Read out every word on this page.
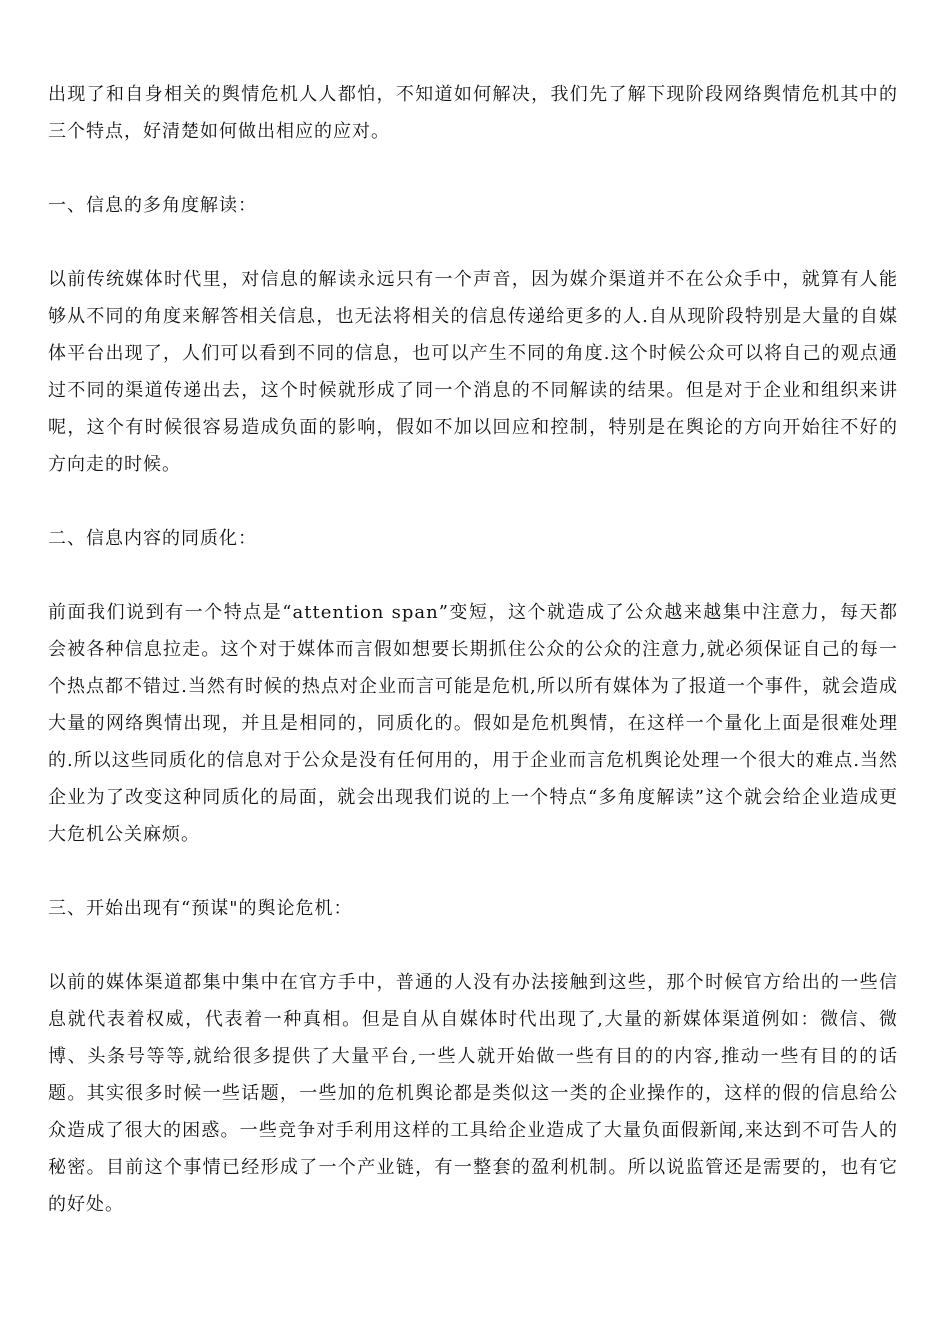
出现了和自身相关的舆情危机人人都怕，不知道如何解决，我们先了解下现阶段网络舆情危机其中的三个特点，好清楚如何做出相应的应对。

一、信息的多角度解读：

以前传统媒体时代里，对信息的解读永远只有一个声音，因为媒介渠道并不在公众手中，就算有人能够从不同的角度来解答相关信息，也无法将相关的信息传递给更多的人.自从现阶段特别是大量的自媒体平台出现了，人们可以看到不同的信息，也可以产生不同的角度.这个时候公众可以将自己的观点通过不同的渠道传递出去，这个时候就形成了同一个消息的不同解读的结果。但是对于企业和组织来讲呢，这个有时候很容易造成负面的影响，假如不加以回应和控制，特别是在舆论的方向开始往不好的方向走的时候。

二、信息内容的同质化：

前面我们说到有一个特点是“attention span”变短，这个就造成了公众越来越集中注意力，每天都会被各种信息拉走。这个对于媒体而言假如想要长期抓住公众的公众的注意力,就必须保证自己的每一个热点都不错过.当然有时候的热点对企业而言可能是危机,所以所有媒体为了报道一个事件，就会造成大量的网络舆情出现，并且是相同的，同质化的。假如是危机舆情，在这样一个量化上面是很难处理的.所以这些同质化的信息对于公众是没有任何用的，用于企业而言危机舆论处理一个很大的难点.当然企业为了改变这种同质化的局面，就会出现我们说的上一个特点“多角度解读”这个就会给企业造成更大危机公关麻烦。

三、开始出现有“预谋"的舆论危机：

以前的媒体渠道都集中集中在官方手中，普通的人没有办法接触到这些，那个时候官方给出的一些信息就代表着权威，代表着一种真相。但是自从自媒体时代出现了,大量的新媒体渠道例如：微信、微博、头条号等等,就给很多提供了大量平台,一些人就开始做一些有目的的内容,推动一些有目的的话题。其实很多时候一些话题，一些加的危机舆论都是类似这一类的企业操作的，这样的假的信息给公众造成了很大的困惑。一些竞争对手利用这样的工具给企业造成了大量负面假新闻,来达到不可告人的秘密。目前这个事情已经形成了一个产业链，有一整套的盈利机制。所以说监管还是需要的，也有它的好处。
